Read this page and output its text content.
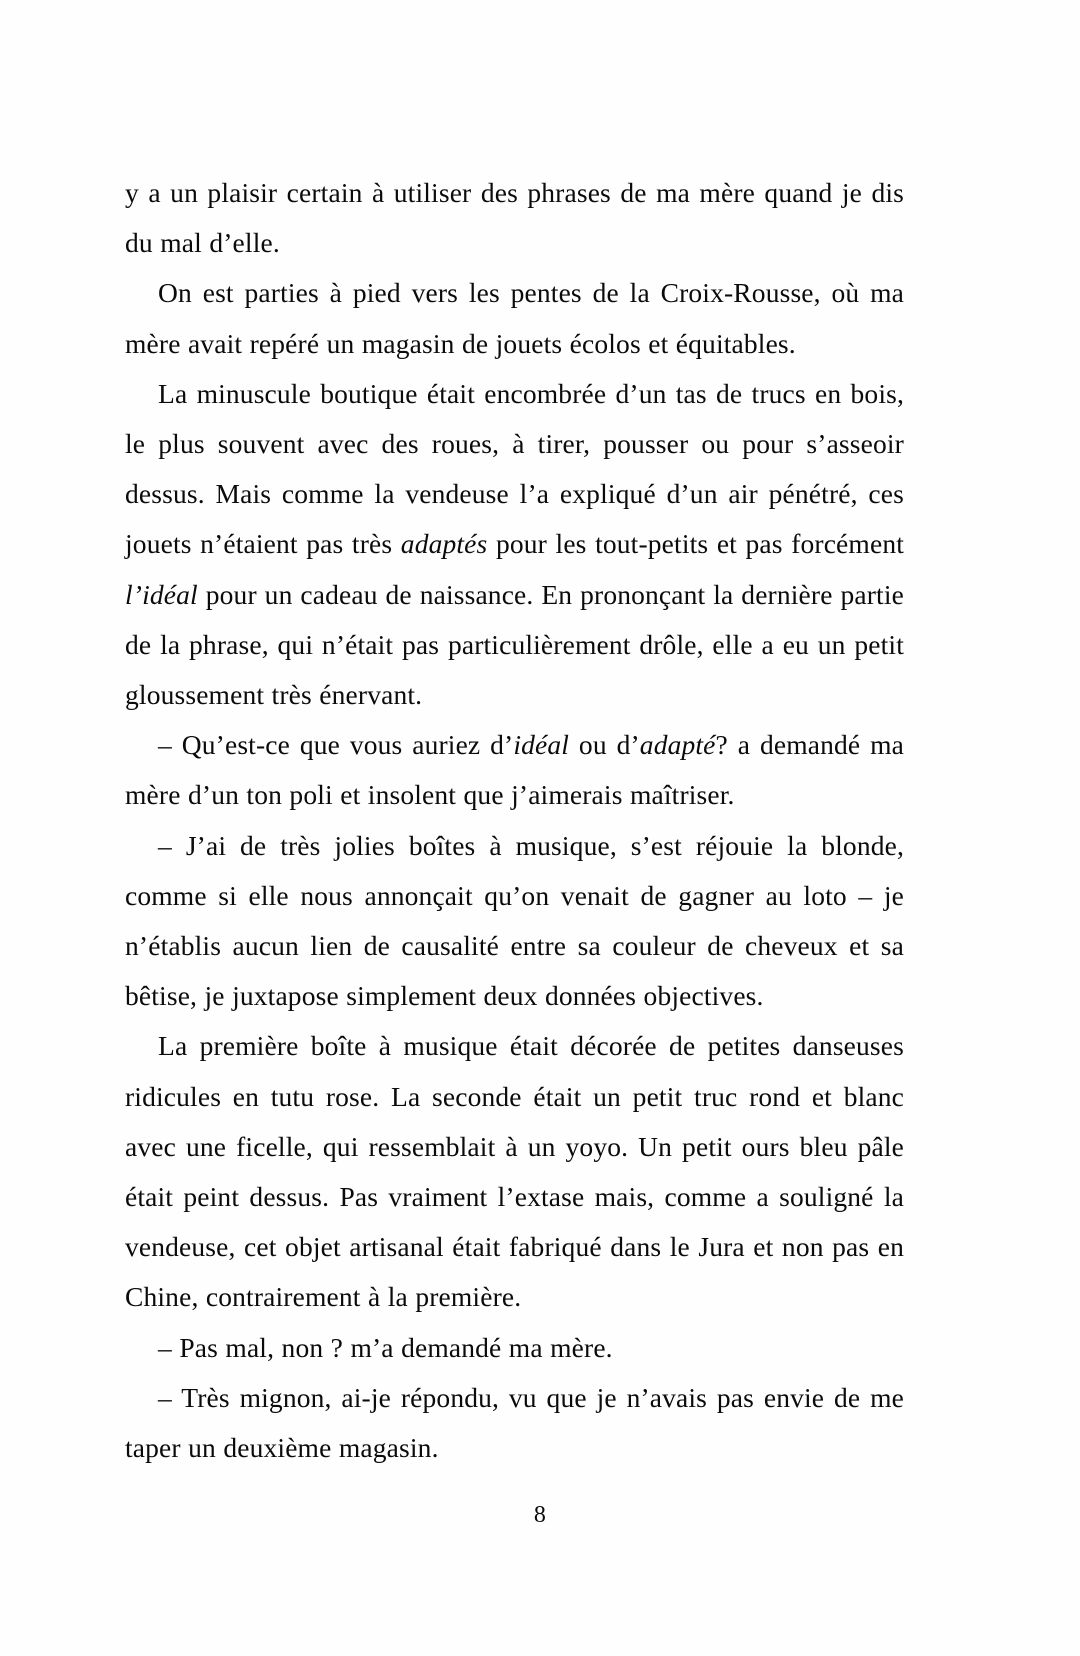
y a un plaisir certain à utiliser des phrases de ma mère quand je dis du mal d’elle.

On est parties à pied vers les pentes de la Croix-Rousse, où ma mère avait repéré un magasin de jouets écolos et équitables.

La minuscule boutique était encombrée d’un tas de trucs en bois, le plus souvent avec des roues, à tirer, pousser ou pour s’asseoir dessus. Mais comme la vendeuse l’a expliqué d’un air pénétré, ces jouets n’étaient pas très adaptés pour les tout-petits et pas forcément l’idéal pour un cadeau de naissance. En prononçant la dernière partie de la phrase, qui n’était pas particulièrement drôle, elle a eu un petit gloussement très énervant.

– Qu’est-ce que vous auriez d’idéal ou d’adapté? a demandé ma mère d’un ton poli et insolent que j’aimerais maîtriser.

– J’ai de très jolies boîtes à musique, s’est réjouie la blonde, comme si elle nous annonçait qu’on venait de gagner au loto – je n’établis aucun lien de causalité entre sa couleur de cheveux et sa bêtise, je juxtapose simplement deux données objectives.

La première boîte à musique était décorée de petites danseuses ridicules en tutu rose. La seconde était un petit truc rond et blanc avec une ficelle, qui ressemblait à un yoyo. Un petit ours bleu pâle était peint dessus. Pas vraiment l’extase mais, comme a souligné la vendeuse, cet objet artisanal était fabriqué dans le Jura et non pas en Chine, contrairement à la première.

– Pas mal, non ? m’a demandé ma mère.

– Très mignon, ai-je répondu, vu que je n’avais pas envie de me taper un deuxième magasin.

8
